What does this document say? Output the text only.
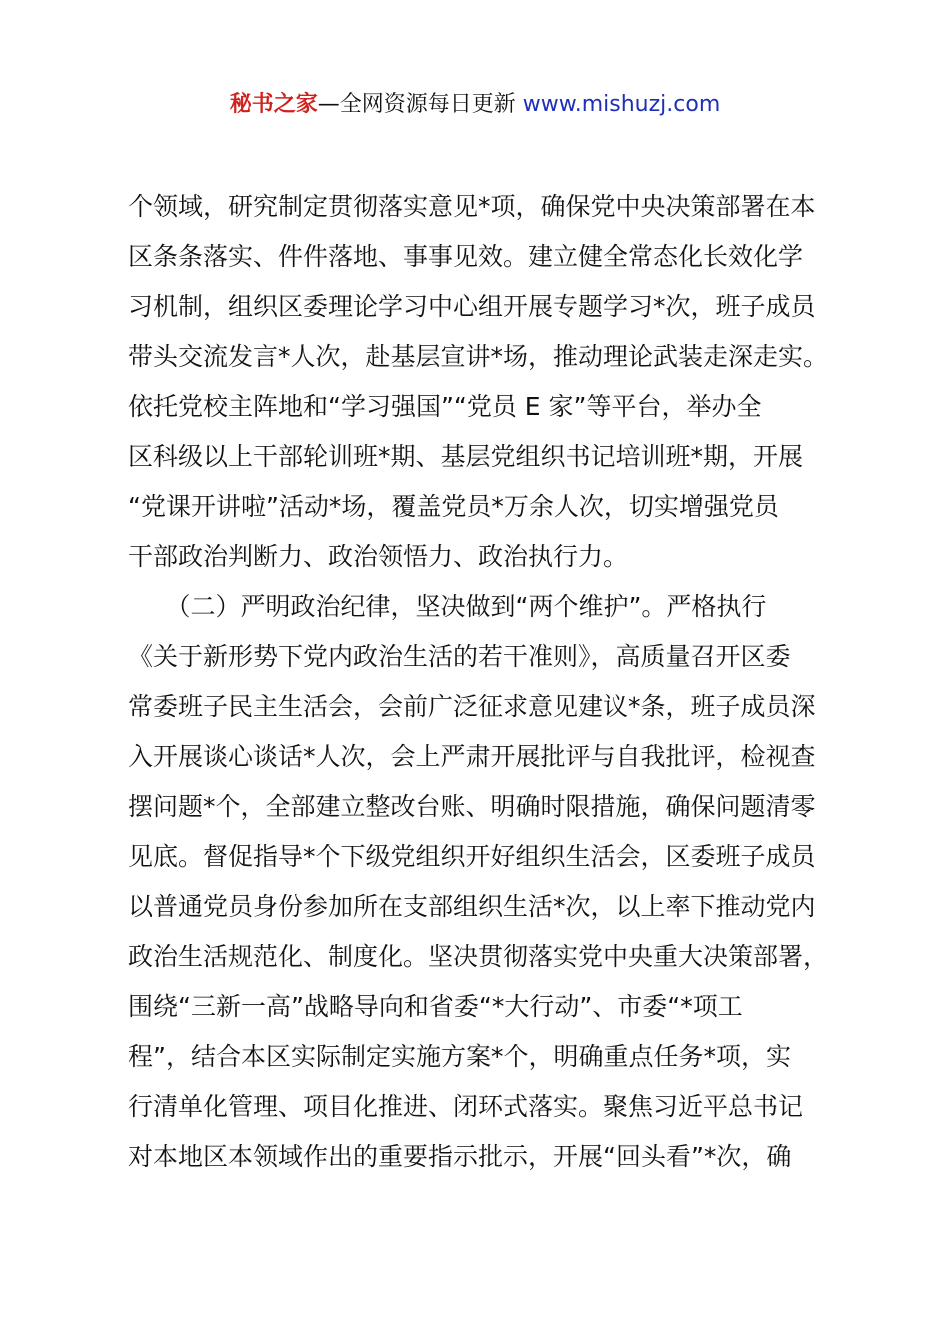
秘书之家—全网资源每日更新 www.mishuzj.com
个领域，研究制定贯彻落实意见*项，确保党中央决策部署在本
区条条落实、件件落地、事事见效。建立健全常态化长效化学
习机制，组织区委理论学习中心组开展专题学习*次，班子成员
带头交流发言*人次，赴基层宣讲*场，推动理论武装走深走实。
依托党校主阵地和“学习强国”“党员 E 家”等平台，举办全
区科级以上干部轮训班*期、基层党组织书记培训班*期，开展
“党课开讲啦”活动*场，覆盖党员*万余人次，切实增强党员
干部政治判断力、政治领悟力、政治执行力。
　　（二）严明政治纪律，坚决做到“两个维护”。严格执行
《关于新形势下党内政治生活的若干准则》，高质量召开区委
常委班子民主生活会，会前广泛征求意见建议*条，班子成员深
入开展谈心谈话*人次，会上严肃开展批评与自我批评，检视查
摆问题*个，全部建立整改台账、明确时限措施，确保问题清零
见底。督促指导*个下级党组织开好组织生活会，区委班子成员
以普通党员身份参加所在支部组织生活*次，以上率下推动党内
政治生活规范化、制度化。坚决贯彻落实党中央重大决策部署，
围绕“三新一高”战略导向和省委“*大行动”、市委“*项工
程”，结合本区实际制定实施方案*个，明确重点任务*项，实
行清单化管理、项目化推进、闭环式落实。聚焦习近平总书记
对本地区本领域作出的重要指示批示，开展“回头看”*次，确
